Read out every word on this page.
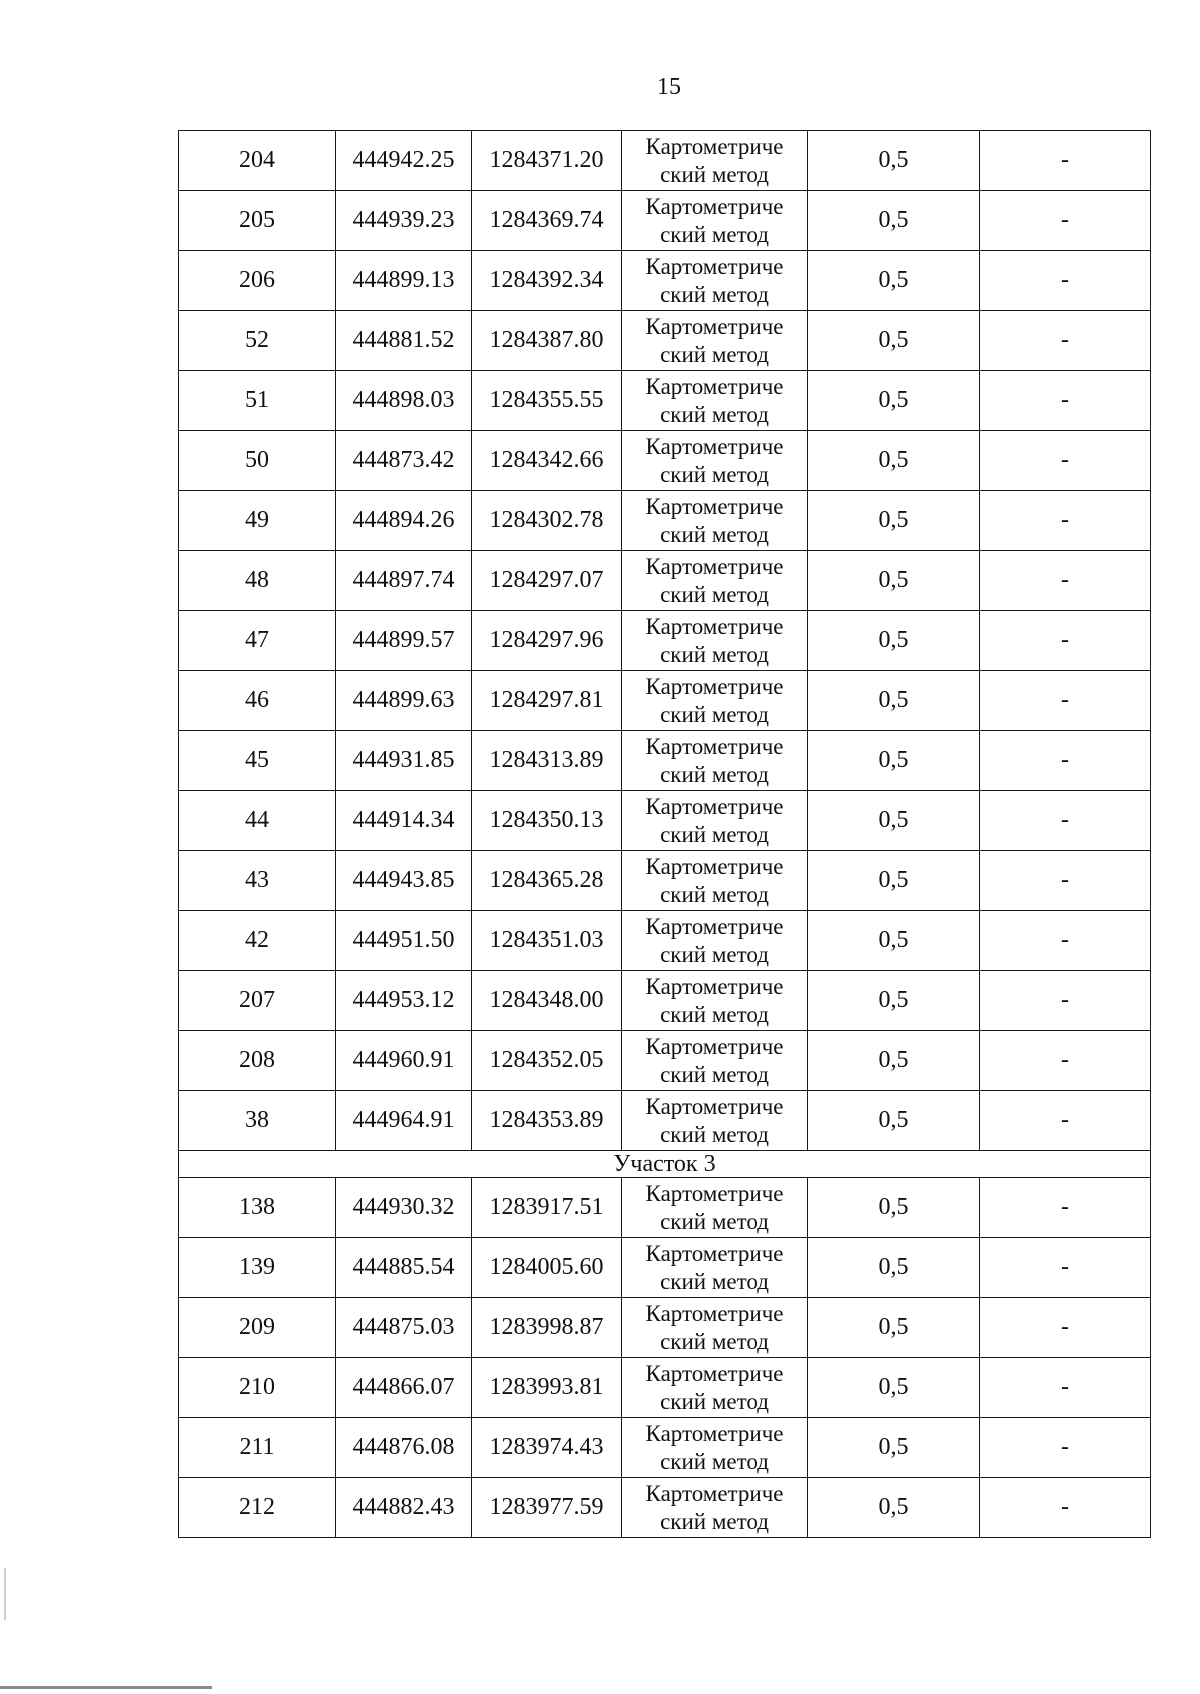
15
204	444942.25	1284371.20	Картометриче
ский метод	0,5	-
205	444939.23	1284369.74	Картометриче
ский метод	0,5	-
206	444899.13	1284392.34	Картометриче
ский метод	0,5	-
52	444881.52	1284387.80	Картометриче
ский метод	0,5	-
51	444898.03	1284355.55	Картометриче
ский метод	0,5	-
50	444873.42	1284342.66	Картометриче
ский метод	0,5	-
49	444894.26	1284302.78	Картометриче
ский метод	0,5	-
48	444897.74	1284297.07	Картометриче
ский метод	0,5	-
47	444899.57	1284297.96	Картометриче
ский метод	0,5	-
46	444899.63	1284297.81	Картометриче
ский метод	0,5	-
45	444931.85	1284313.89	Картометриче
ский метод	0,5	-
44	444914.34	1284350.13	Картометриче
ский метод	0,5	-
43	444943.85	1284365.28	Картометриче
ский метод	0,5	-
42	444951.50	1284351.03	Картометриче
ский метод	0,5	-
207	444953.12	1284348.00	Картометриче
ский метод	0,5	-
208	444960.91	1284352.05	Картометриче
ский метод	0,5	-
38	444964.91	1284353.89	Картометриче
ский метод	0,5	-
Участок 3					
138	444930.32	1283917.51	Картометриче
ский метод	0,5	-
139	444885.54	1284005.60	Картометриче
ский метод	0,5	-
209	444875.03	1283998.87	Картометриче
ский метод	0,5	-
210	444866.07	1283993.81	Картометриче
ский метод	0,5	-
211	444876.08	1283974.43	Картометриче
ский метод	0,5	-
212	444882.43	1283977.59	Картометриче
ский метод	0,5	-
